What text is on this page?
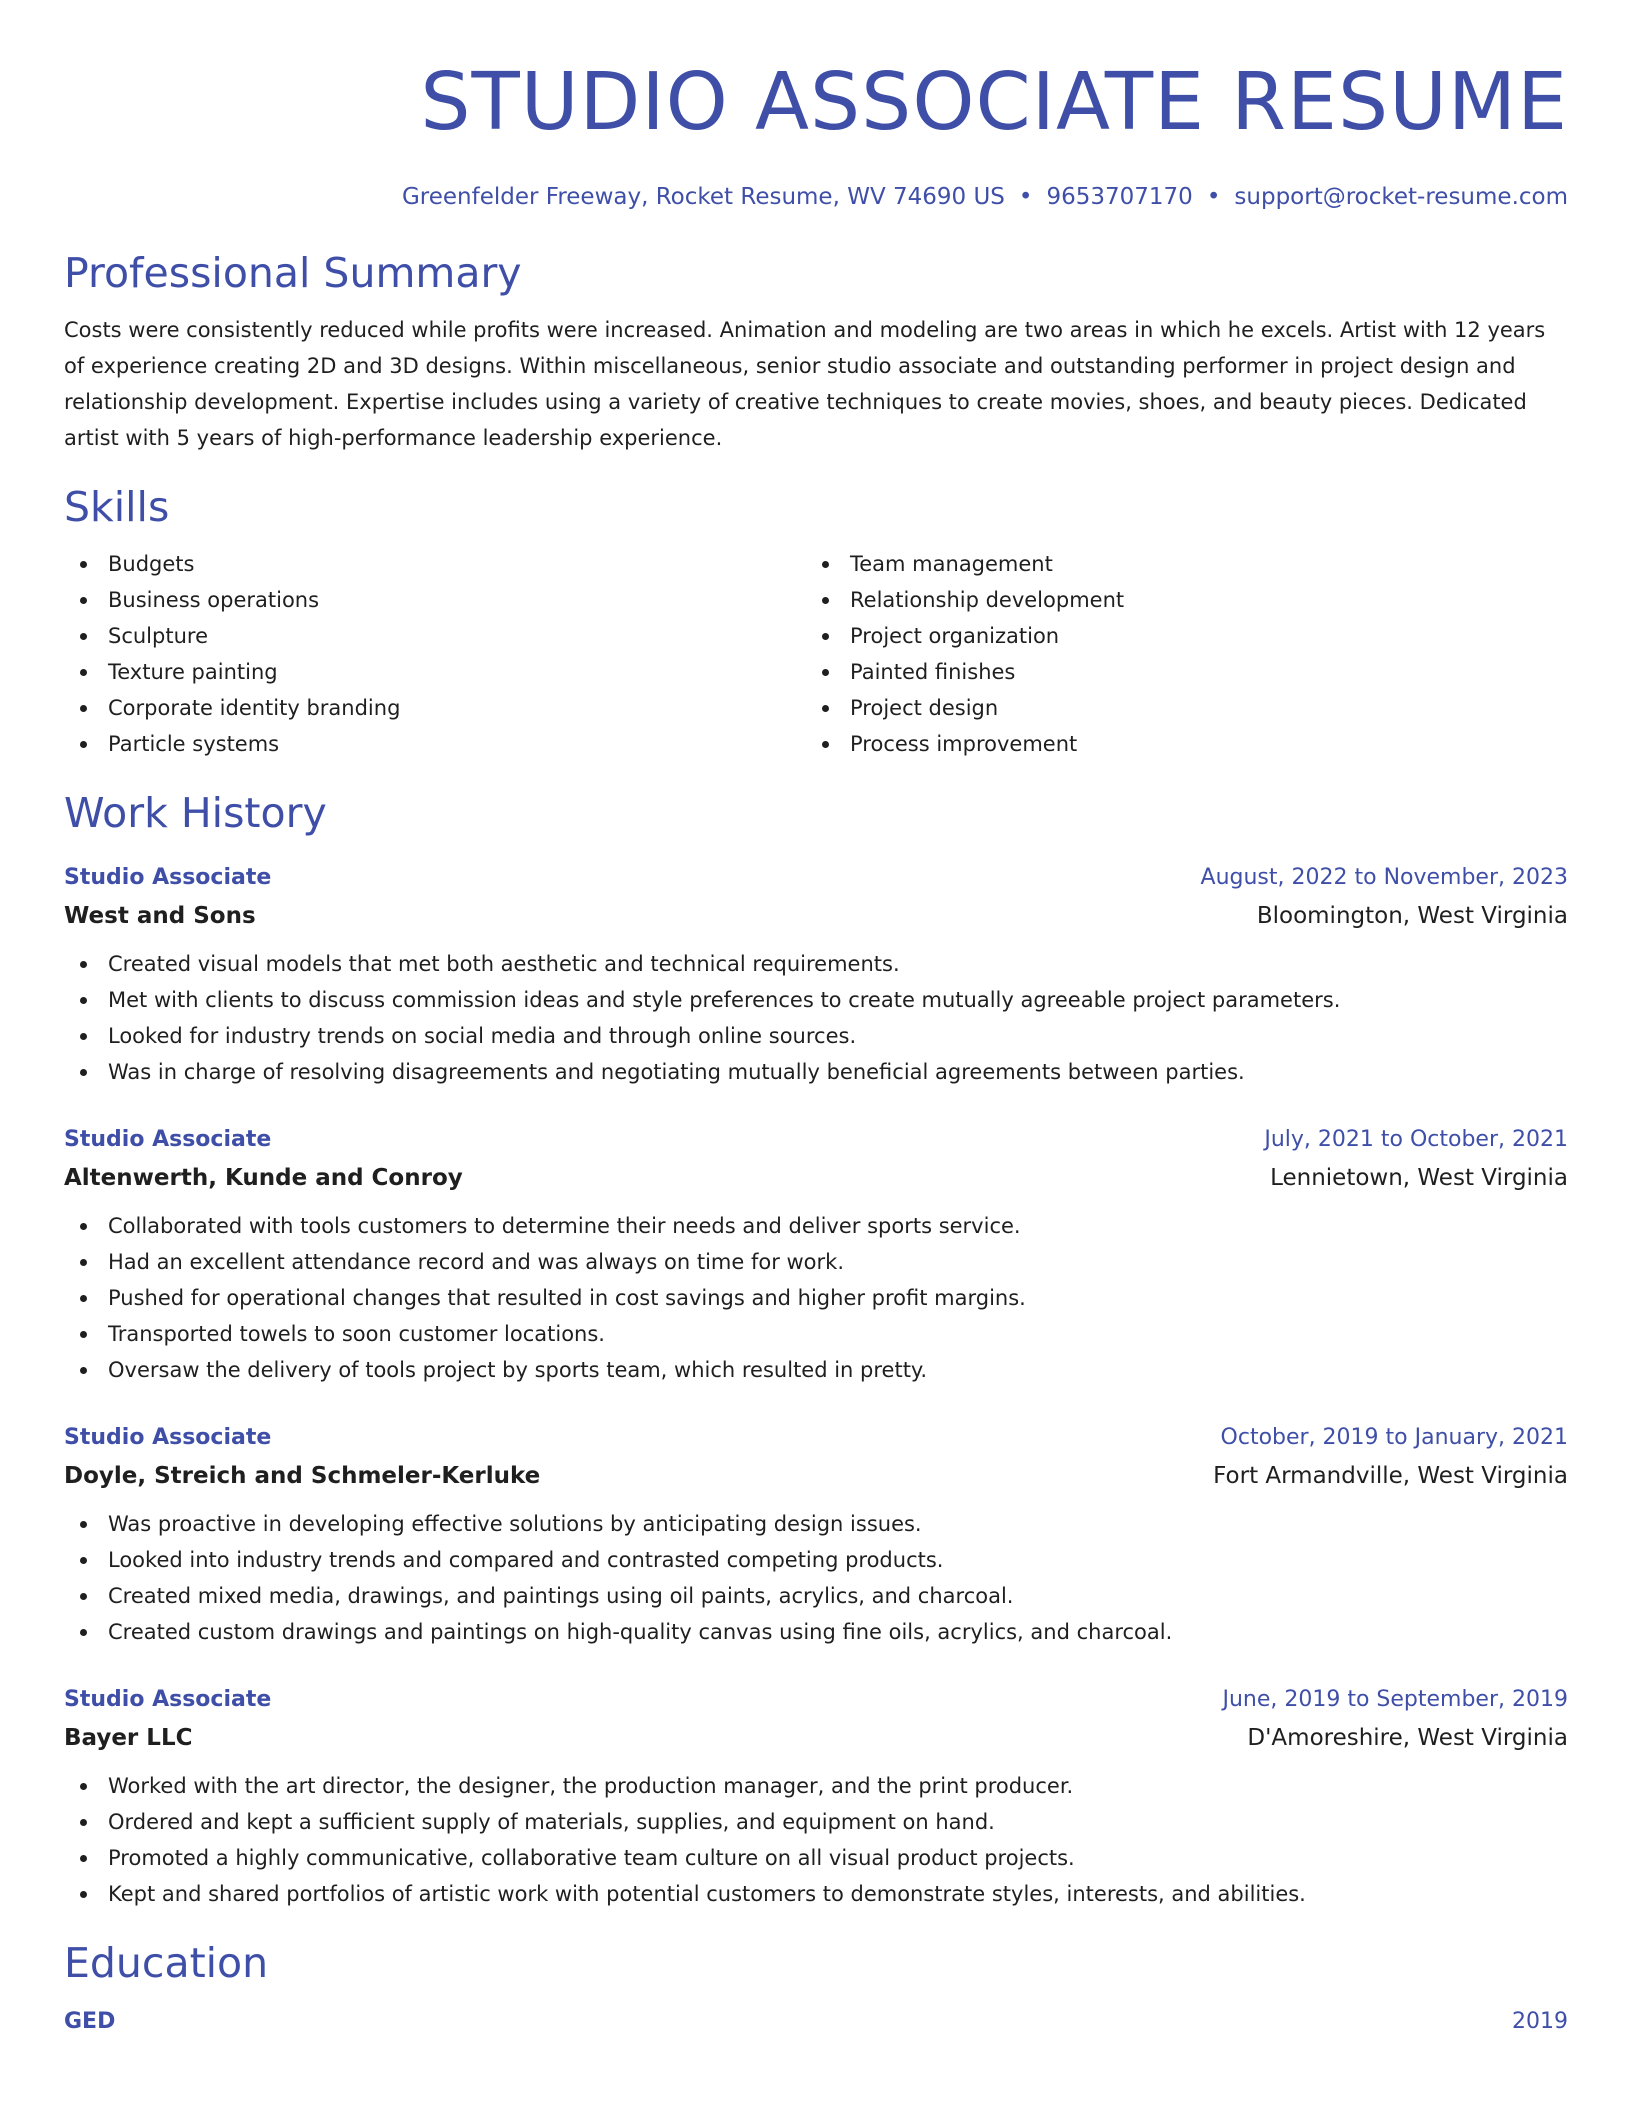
STUDIO ASSOCIATE RESUME
Greenfelder Freeway, Rocket Resume, WV 74690 US • 9653707170 • support@rocket-resume.com
Professional Summary
Costs were consistently reduced while profits were increased. Animation and modeling are two areas in which he excels. Artist with 12 years of experience creating 2D and 3D designs. Within miscellaneous, senior studio associate and outstanding performer in project design and relationship development. Expertise includes using a variety of creative techniques to create movies, shoes, and beauty pieces. Dedicated artist with 5 years of high-performance leadership experience.
Skills
Budgets
Business operations
Sculpture
Texture painting
Corporate identity branding
Particle systems
Team management
Relationship development
Project organization
Painted finishes
Project design
Process improvement
Work History
Studio Associate	August, 2022 to November, 2023
West and Sons	Bloomington, West Virginia
Created visual models that met both aesthetic and technical requirements.
Met with clients to discuss commission ideas and style preferences to create mutually agreeable project parameters.
Looked for industry trends on social media and through online sources.
Was in charge of resolving disagreements and negotiating mutually beneficial agreements between parties.
Studio Associate	July, 2021 to October, 2021
Altenwerth, Kunde and Conroy	Lennietown, West Virginia
Collaborated with tools customers to determine their needs and deliver sports service.
Had an excellent attendance record and was always on time for work.
Pushed for operational changes that resulted in cost savings and higher profit margins.
Transported towels to soon customer locations.
Oversaw the delivery of tools project by sports team, which resulted in pretty.
Studio Associate	October, 2019 to January, 2021
Doyle, Streich and Schmeler-Kerluke	Fort Armandville, West Virginia
Was proactive in developing effective solutions by anticipating design issues.
Looked into industry trends and compared and contrasted competing products.
Created mixed media, drawings, and paintings using oil paints, acrylics, and charcoal.
Created custom drawings and paintings on high-quality canvas using fine oils, acrylics, and charcoal.
Studio Associate	June, 2019 to September, 2019
Bayer LLC	D'Amoreshire, West Virginia
Worked with the art director, the designer, the production manager, and the print producer.
Ordered and kept a sufficient supply of materials, supplies, and equipment on hand.
Promoted a highly communicative, collaborative team culture on all visual product projects.
Kept and shared portfolios of artistic work with potential customers to demonstrate styles, interests, and abilities.
Education
GED	2019
